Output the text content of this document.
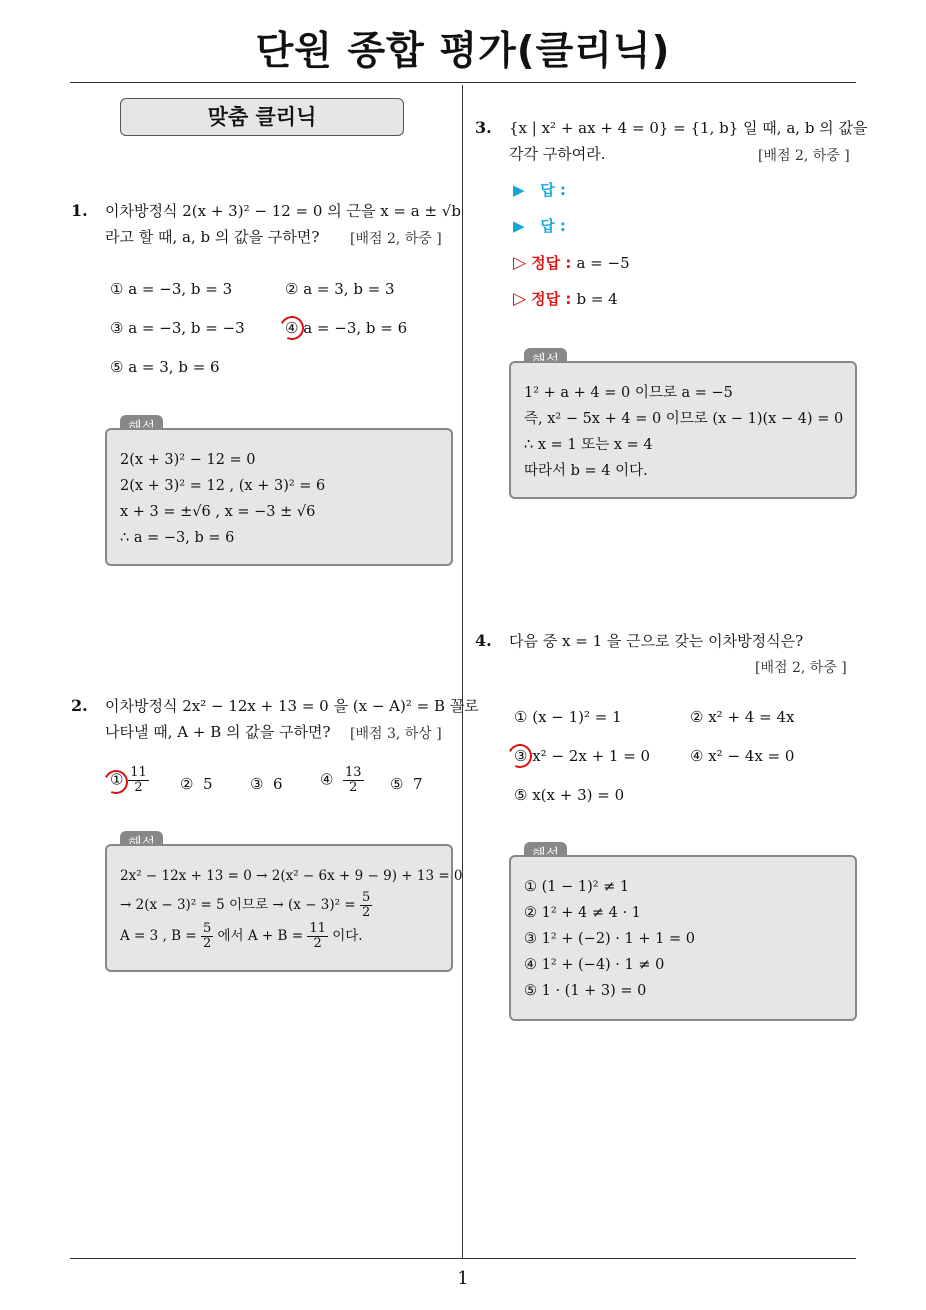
단원 종합 평가(클리닉)
1
맞춤 클리닉
1. 이차방정식 2(x + 3)² − 12 = 0 의 근을 x = a ± √b
라고 할 때, a, b 의 값을 구하면? [배점 2, 하중 ]
① a = −3, b = 3	② a = 3, b = 3
③ a = −3, b = −3	④ a = −3, b = 6
⑤ a = 3, b = 6
2(x + 3)² − 12 = 0
2(x + 3)² = 12 , (x + 3)² = 6
x + 3 = ±√6 , x = −3 ± √6
∴ a = −3, b = 6
2. 이차방정식 2x² − 12x + 13 = 0 을 (x − A)² = B 꼴로
나타낼 때, A + B 의 값을 구하면? [배점 3, 하상 ]
① $\frac{11}{2}$ ② 5 ③ 6 ④ $\frac{13}{2}$ ⑤ 7
2x² − 12x + 13 = 0 → 2(x² − 6x + 9 − 9) + 13 = 0
→ 2(x − 3)² = 5 이므로 → $(x - 3)^2 = \frac{5}{2}$
A = 3 , $B = \frac{5}{2}$ 에서 $A + B = \frac{11}{2}$ 이다.
3. {x | x² + ax + 4 = 0} = {1, b} 일 때, a, b 의 값을
각각 구하여라.	[배점 2, 하중 ]
▶ 답 :
▶ 답 :
▷ 정답 : a = −5
▷ 정답 : b = 4
1² + a + 4 = 0 이므로 a = −5
즉, x² − 5x + 4 = 0 이므로 (x − 1)(x − 4) = 0
∴ x = 1 또는 x = 4
따라서 b = 4 이다.
4. 다음 중 x = 1 을 근으로 갖는 이차방정식은?
[배점 2, 하중 ]
① (x − 1)² = 1	② x² + 4 = 4x
③ x² − 2x + 1 = 0	④ x² − 4x = 0
⑤ x(x + 3) = 0
① (1 − 1)² ≠ 1
② 1² + 4 ≠ 4 · 1
③ 1² + (−2) · 1 + 1 = 0
④ 1² + (−4) · 1 ≠ 0
⑤ 1 · (1 + 3) = 0
